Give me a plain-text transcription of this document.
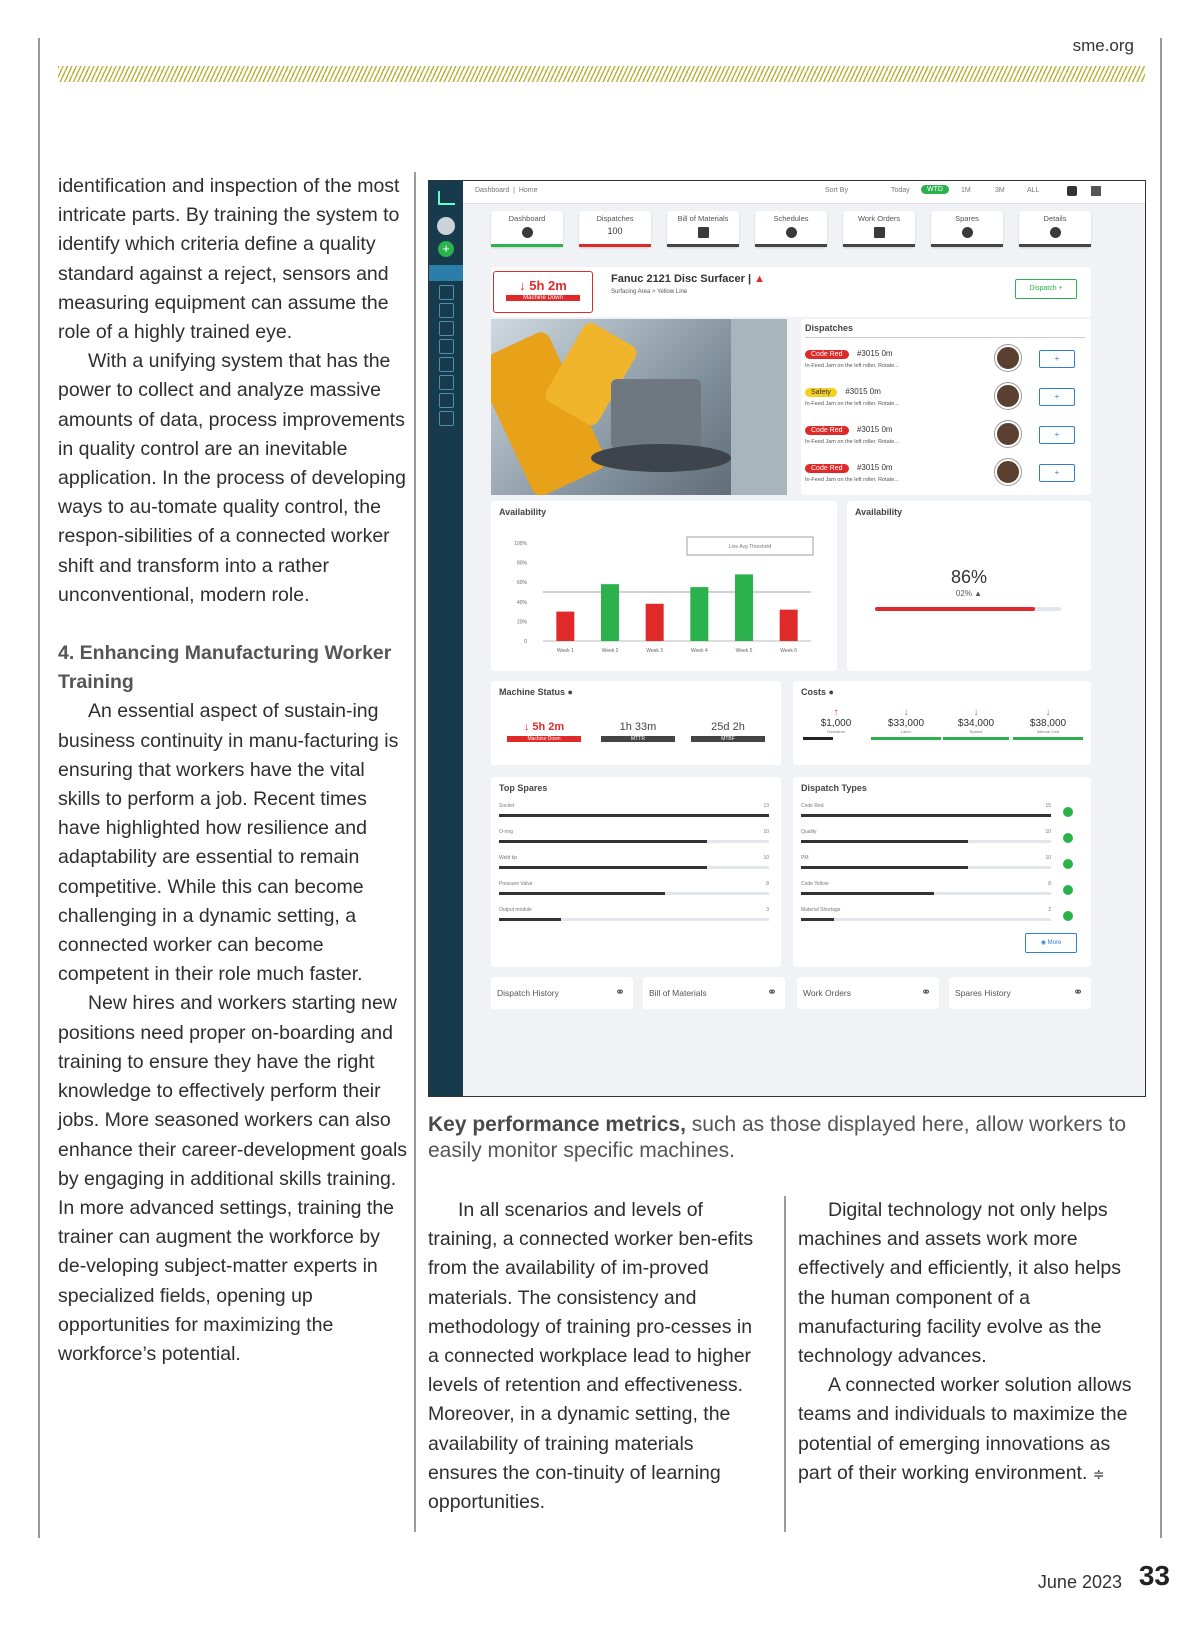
sme.org

identification and inspection of the most intricate parts. By training the system to identify which criteria define a quality standard against a reject, sensors and measuring equipment can assume the role of a highly trained eye.

With a unifying system that has the power to collect and analyze massive amounts of data, process improvements in quality control are an inevitable application. In the process of developing ways to au-tomate quality control, the respon-sibilities of a connected worker shift and transform into a rather unconventional, modern role.

4. Enhancing Manufacturing Worker Training

An essential aspect of sustain-ing business continuity in manu-facturing is ensuring that workers have the vital skills to perform a job. Recent times have highlighted how resilience and adaptability are essential to remain competitive. While this can become challenging in a dynamic setting, a connected worker can become competent in their role much faster.

New hires and workers starting new positions need proper on-boarding and training to ensure they have the right knowledge to effectively perform their jobs. More seasoned workers can also enhance their career-development goals by engaging in additional skills training. In more advanced settings, training the trainer can augment the workforce by de-veloping subject-matter experts in specialized fields, opening up opportunities for maximizing the workforce’s potential.

+
Dashboard  |  Home	Sort By	Today	WTD	1M	3M	ALL
Dashboard	Dispatches
100
Bill of Materials	Schedules	Work Orders	Spares	Details
↓ 5h 2m
Machine Down
Fanuc 2121 Disc Surfacer | ▲
Surfacing Area > Yellow Line	Dispatch +
Dispatches
Code Red #3015 0m
In-Feed Jam on the left roller. Rotate...
+
Safety #3015 0m
In-Feed Jam on the left roller. Rotate...
+
Code Red #3015 0m
In-Feed Jam on the left roller. Rotate...
+
Code Red #3015 0m
In-Feed Jam on the left roller. Rotate...
+
Availability
100%
80%
60%
40%
20%
0
Line Avg Threshold
Week 1	Week 2	Week 3	Week 4	Week 5	Week 6
Availability
86%
02% ▲
Machine Status ●
↓ 5h 2m
Machine Down
1h 33m
MTTR
25d 2h
MTBF
Costs ●
↑
$1,000
Downtime
↓
$33,000
Labor
↓
$34,000
Spares
↓
$38,000
Internal Cost
Top Spares
Socket	13
O-ring	10
Weld tip	10
Pressure Valve	8
Output module	3
Dispatch Types
Code Red	15
Quality	10
PM	10
Code Yellow	8
Material Shortage	2
◉ More
Dispatch History	⚭	Bill of Materials	⚭	Work Orders	⚭	Spares History	⚭
Key performance metrics, such as those displayed here, allow workers to easily monitor specific machines.

In all scenarios and levels of training, a connected worker ben-efits from the availability of im-proved materials. The consistency and methodology of training pro-cesses in a connected workplace lead to higher levels of retention and effectiveness. Moreover, in a dynamic setting, the availability of training materials ensures the con-tinuity of learning opportunities.

Digital technology not only helps machines and assets work more effectively and efficiently, it also helps the human component of a manufacturing facility evolve as the technology advances.

A connected worker solution allows teams and individuals to maximize the potential of emerging innovations as part of their working environment. ≑

June 2023 33
